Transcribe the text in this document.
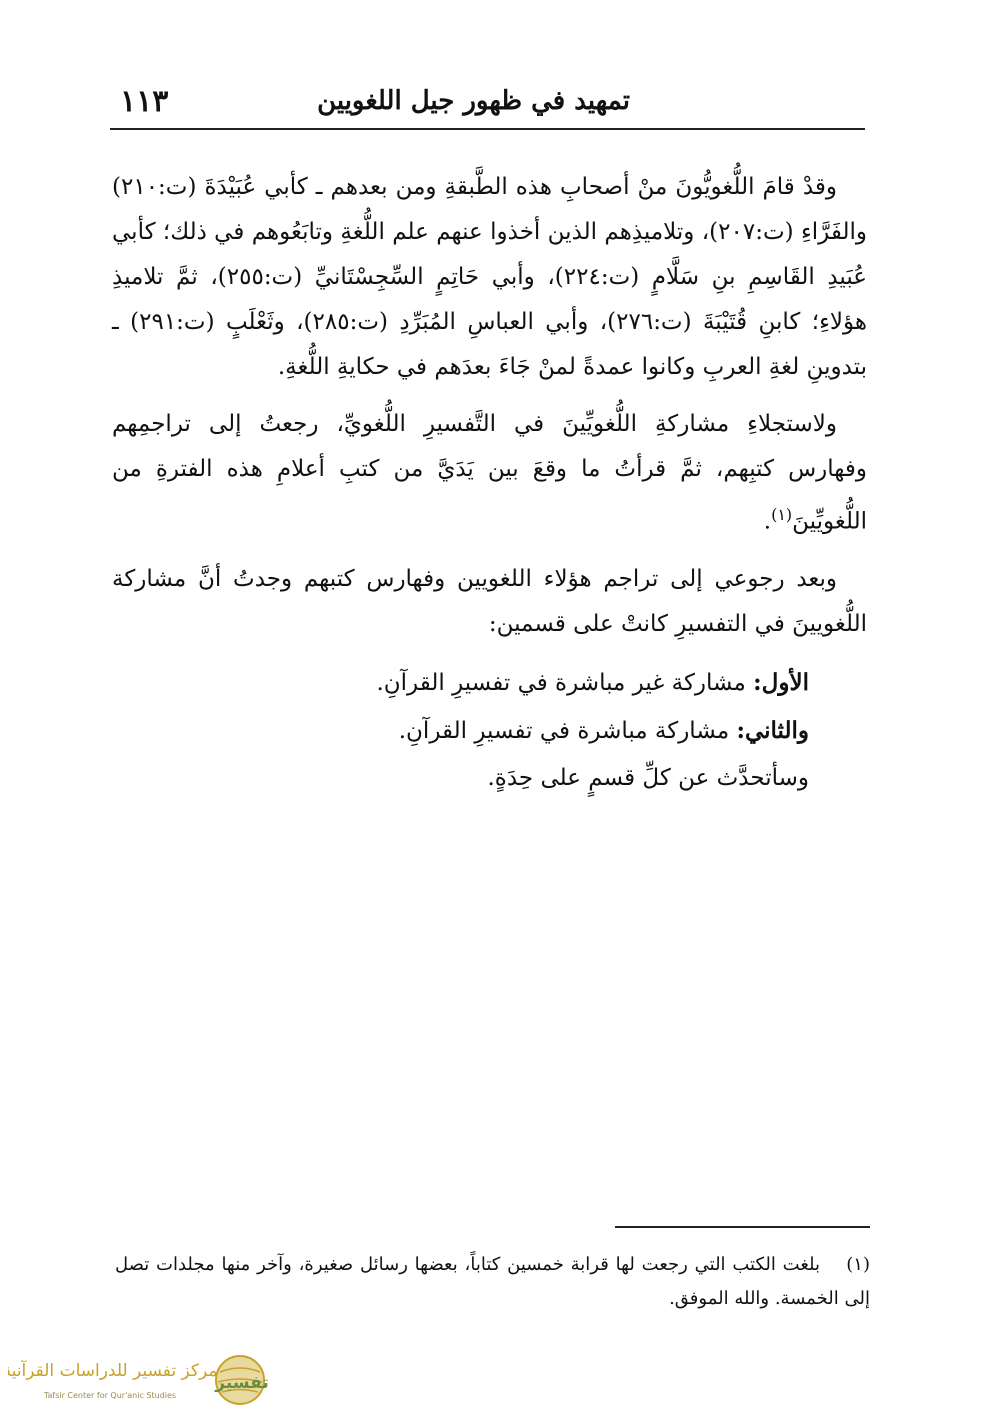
١١٣	تمهيد في ظهور جيل اللغويين

وقدْ قامَ اللُّغويُّونَ منْ أصحابِ هذه الطَّبقةِ ومن بعدهم ـ كأبي عُبَيْدَةَ (ت:٢١٠) والفَرَّاءِ (ت:٢٠٧)، وتلاميذِهم الذين أخذوا عنهم علم اللُّغةِ وتابَعُوهم في ذلك؛ كأبي عُبَيدِ القَاسِمِ بنِ سَلَّامٍ (ت:٢٢٤)، وأبي حَاتِمٍ السِّجِسْتَانيِّ (ت:٢٥٥)، ثمَّ تلاميذِ هؤلاءِ؛ كابنِ قُتَيْبَةَ (ت:٢٧٦)، وأبي العباسِ المُبَرِّدِ (ت:٢٨٥)، وثَعْلَبٍ (ت:٢٩١) ـ بتدوينِ لغةِ العربِ وكانوا عمدةً لمنْ جَاءَ بعدَهم في حكايةِ اللُّغةِ.

ولاستجلاءِ مشاركةِ اللُّغويِّينَ في التَّفسيرِ اللُّغويِّ، رجعتُ إلى تراجمِهم وفهارس كتبِهم، ثمَّ قرأتُ ما وقعَ بين يَدَيَّ من كتبِ أعلامِ هذه الفترةِ من اللُّغويِّينَ$^{(١)}$.

وبعد رجوعي إلى تراجم هؤلاء اللغويين وفهارس كتبهم وجدتُ أنَّ مشاركة اللُّغويينَ في التفسيرِ كانتْ على قسمين:

الأول: مشاركة غير مباشرة في تفسيرِ القرآنِ.

والثاني: مشاركة مباشرة في تفسيرِ القرآنِ.

وسأتحدَّث عن كلِّ قسمٍ على حِدَةٍ.

(١)بلغت الكتب التي رجعت لها قرابة خمسين كتاباً، بعضها رسائل صغيرة، وآخر منها مجلدات تصل إلى الخمسة. والله الموفق.
تفسير
مركز تفسير للدراسات القرآنية
Tafsir Center for Qur'anic Studies
